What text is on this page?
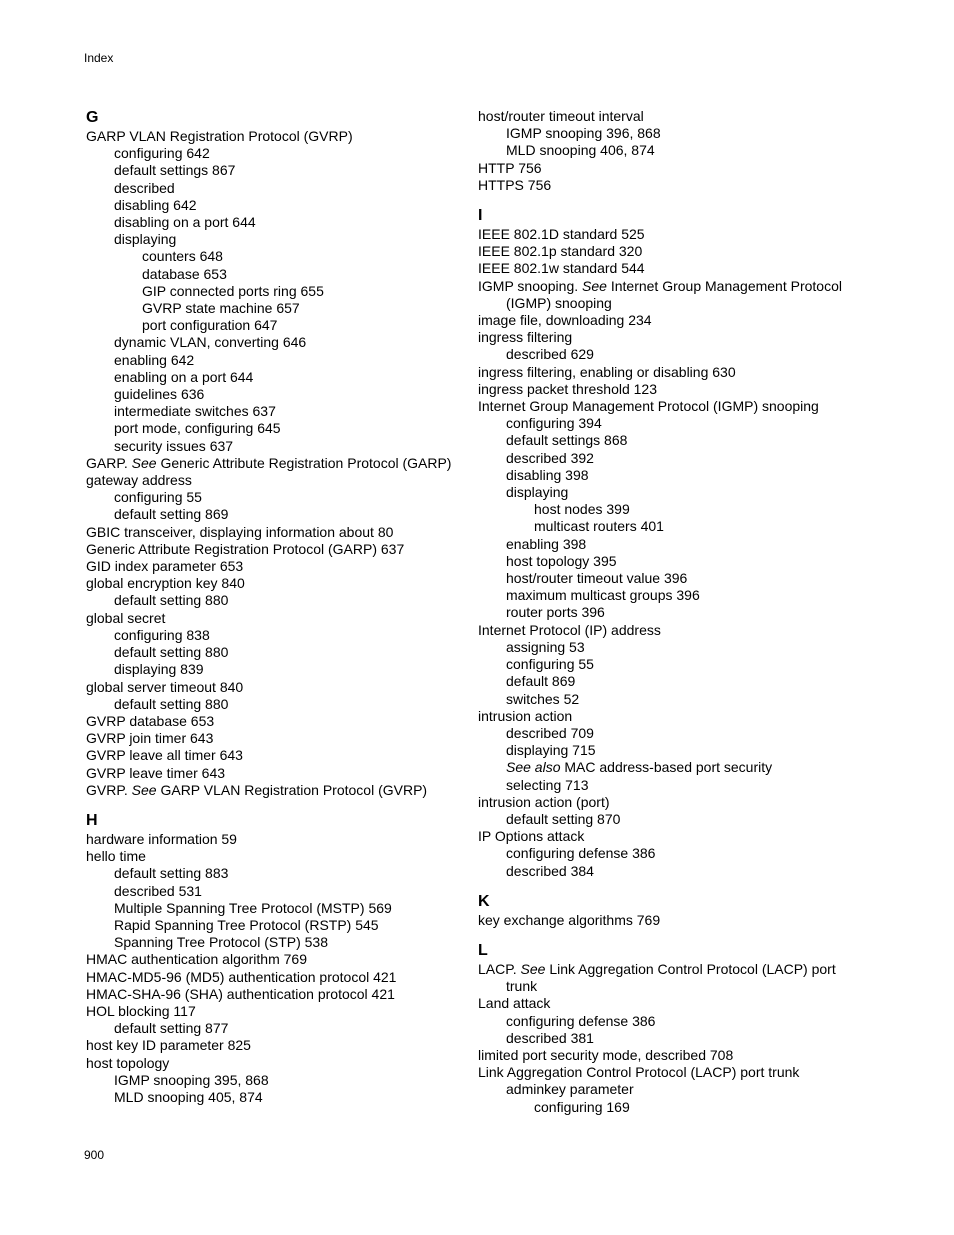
Index
G
GARP VLAN Registration Protocol (GVRP)
configuring 642
default settings 867
described
disabling 642
disabling on a port 644
displaying
counters 648
database 653
GIP connected ports ring 655
GVRP state machine 657
port configuration 647
dynamic VLAN, converting 646
enabling 642
enabling on a port 644
guidelines 636
intermediate switches 637
port mode, configuring 645
security issues 637
GARP. See Generic Attribute Registration Protocol (GARP)
gateway address
configuring 55
default setting 869
GBIC transceiver, displaying information about 80
Generic Attribute Registration Protocol (GARP) 637
GID index parameter 653
global encryption key 840
default setting 880
global secret
configuring 838
default setting 880
displaying 839
global server timeout 840
default setting 880
GVRP database 653
GVRP join timer 643
GVRP leave all timer 643
GVRP leave timer 643
GVRP. See GARP VLAN Registration Protocol (GVRP)
H
hardware information 59
hello time
default setting 883
described 531
Multiple Spanning Tree Protocol (MSTP) 569
Rapid Spanning Tree Protocol (RSTP) 545
Spanning Tree Protocol (STP) 538
HMAC authentication algorithm 769
HMAC-MD5-96 (MD5) authentication protocol 421
HMAC-SHA-96 (SHA) authentication protocol 421
HOL blocking 117
default setting 877
host key ID parameter 825
host topology
IGMP snooping 395, 868
MLD snooping 405, 874
host/router timeout interval
IGMP snooping 396, 868
MLD snooping 406, 874
HTTP 756
HTTPS 756
I
IEEE 802.1D standard 525
IEEE 802.1p standard 320
IEEE 802.1w standard 544
IGMP snooping. See Internet Group Management Protocol (IGMP) snooping
image file, downloading 234
ingress filtering
described 629
ingress filtering, enabling or disabling 630
ingress packet threshold 123
Internet Group Management Protocol (IGMP) snooping
configuring 394
default settings 868
described 392
disabling 398
displaying
host nodes 399
multicast routers 401
enabling 398
host topology 395
host/router timeout value 396
maximum multicast groups 396
router ports 396
Internet Protocol (IP) address
assigning 53
configuring 55
default 869
switches 52
intrusion action
described 709
displaying 715
See also MAC address-based port security
selecting 713
intrusion action (port)
default setting 870
IP Options attack
configuring defense 386
described 384
K
key exchange algorithms 769
L
LACP. See Link Aggregation Control Protocol (LACP) port trunk
Land attack
configuring defense 386
described 381
limited port security mode, described 708
Link Aggregation Control Protocol (LACP) port trunk
adminkey parameter
configuring 169
900
